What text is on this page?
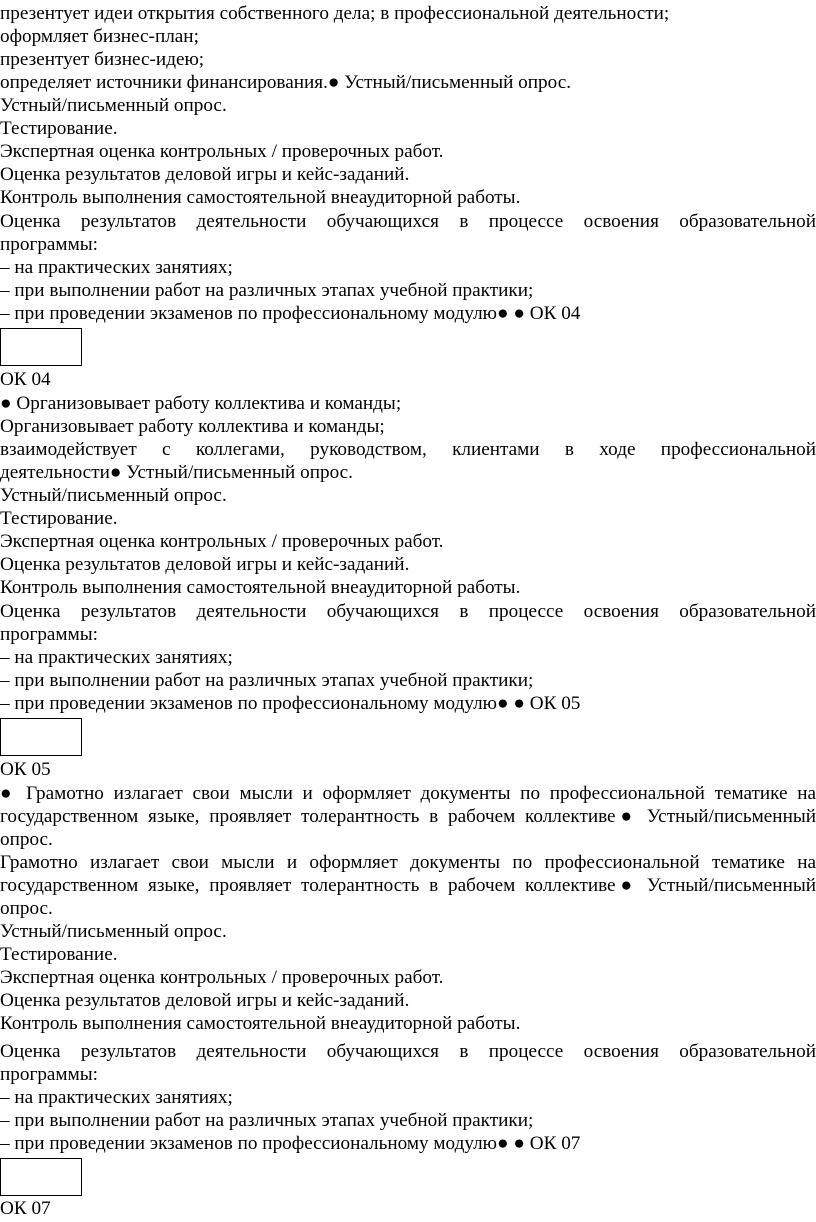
презентует идеи открытия собственного дела; в профессиональной деятельности;

оформляет бизнес-план;

презентует бизнес-идею;

определяет источники финансирования.● Устный/письменный опрос.

Устный/письменный опрос.

Тестирование.

Экспертная оценка контрольных / проверочных работ.

Оценка результатов деловой игры и кейс-заданий.

Контроль выполнения самостоятельной внеаудиторной работы.

Оценка результатов деятельности обучающихся в процессе освоения образовательной

программы:

– на практических занятиях;

– при выполнении работ на различных этапах учебной практики;

– при проведении экзаменов по профессиональному модулю● ● ОК 04

ОК 04

● Организовывает работу коллектива и команды;

Организовывает работу коллектива и команды;

взаимодействует с коллегами, руководством, клиентами в ходе профессиональной

деятельности● Устный/письменный опрос.

Устный/письменный опрос.

Тестирование.

Экспертная оценка контрольных / проверочных работ.

Оценка результатов деловой игры и кейс-заданий.

Контроль выполнения самостоятельной внеаудиторной работы.

Оценка результатов деятельности обучающихся в процессе освоения образовательной

программы:

– на практических занятиях;

– при выполнении работ на различных этапах учебной практики;

– при проведении экзаменов по профессиональному модулю● ● ОК 05

ОК 05

● Грамотно излагает свои мысли и оформляет документы по профессиональной тематике на

государственном языке, проявляет толерантность в рабочем коллективе● Устный/письменный

опрос.

Грамотно излагает свои мысли и оформляет документы по профессиональной тематике на

государственном языке, проявляет толерантность в рабочем коллективе● Устный/письменный

опрос.

Устный/письменный опрос.

Тестирование.

Экспертная оценка контрольных / проверочных работ.

Оценка результатов деловой игры и кейс-заданий.

Контроль выполнения самостоятельной внеаудиторной работы.

Оценка результатов деятельности обучающихся в процессе освоения образовательной

программы:

– на практических занятиях;

– при выполнении работ на различных этапах учебной практики;

– при проведении экзаменов по профессиональному модулю● ● ОК 07

ОК 07
